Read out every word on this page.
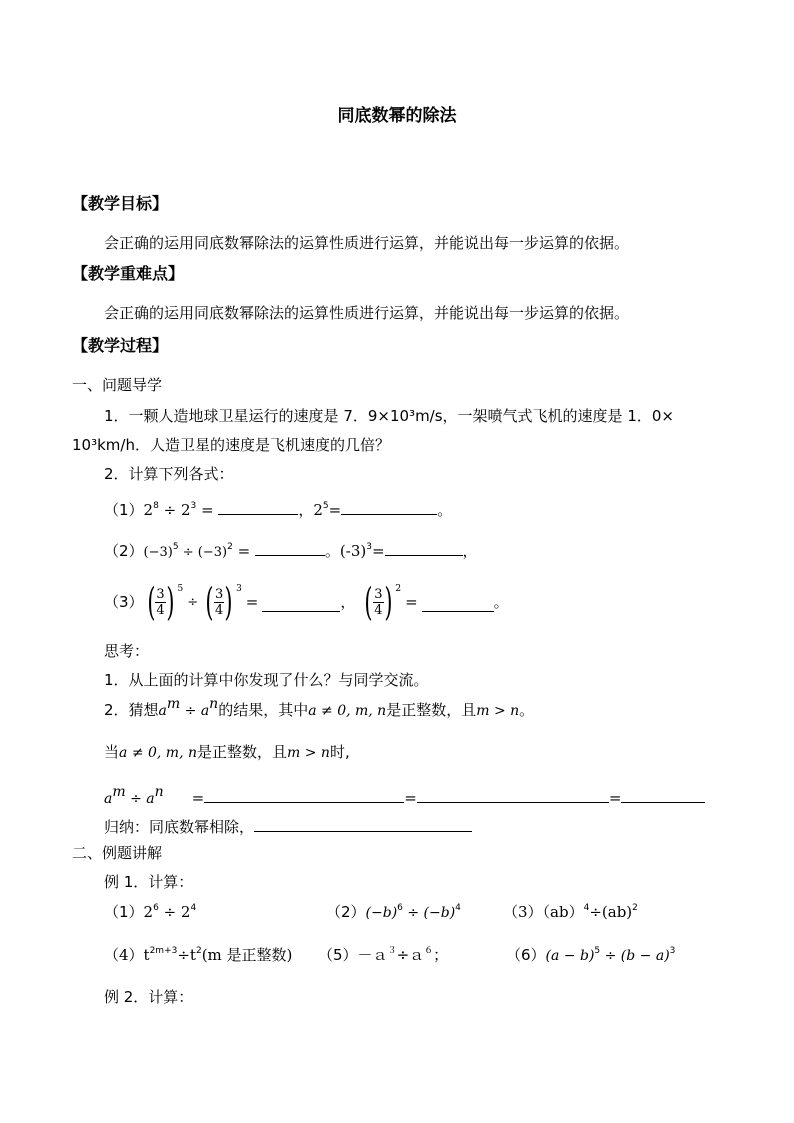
同底数幂的除法
【教学目标】
会正确的运用同底数幂除法的运算性质进行运算，并能说出每一步运算的依据。
【教学重难点】
会正确的运用同底数幂除法的运算性质进行运算，并能说出每一步运算的依据。
【教学过程】
一、问题导学
1．一颗人造地球卫星运行的速度是 7．9×10³m/s，一架喷气式飞机的速度是 1．0×
10³km/h．人造卫星的速度是飞机速度的几倍？
2．计算下列各式：
$(1)2^8 \div 2^3$ =	，$2^5=$	。
$(2)(-3)^5 \div (-3)^2$ =	。$(-3)^3=$	，
（3） ( $\frac{3}{4}$ ) 5
÷ ( $\frac{3}{4}$ ) 3
=	， ( $\frac{3}{4}$ ) 2
=	。
思考：
1．从上面的计算中你发现了什么？与同学交流。
2．猜想$a^m \div a^n$的结果，其中a ≠ 0, m, n是正整数，且m > n。
当a ≠ 0, m, n是正整数，且m > n时,
$a^m \div a^n$ =	=	=
归纳：同底数幂相除，
二、例题讲解
例 1．计算：
$(1)2^6 \div 2^4$	$(2)(-b)^6 \div (-b)^4$	（3）（ab）$^4$÷(ab)$^2$
$(4)t^{2m+3}\div t^2(m$ 是正整数) （5）－ａ$^3$÷ａ$^6$；	$(6)(a - b)^5 \div (b - a)^3$
例 2．计算：
